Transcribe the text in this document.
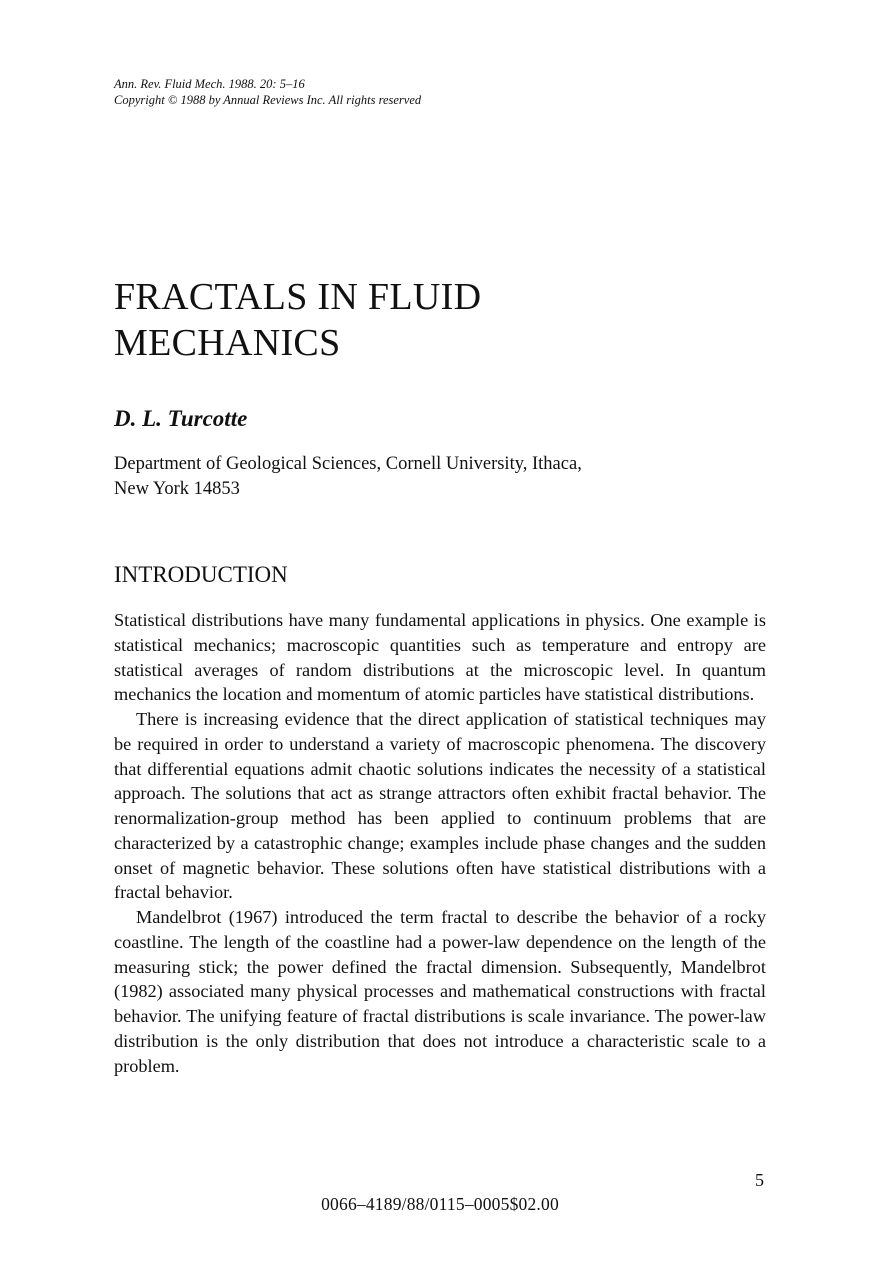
Ann. Rev. Fluid Mech. 1988. 20: 5–16
Copyright © 1988 by Annual Reviews Inc. All rights reserved
FRACTALS IN FLUID
MECHANICS
D. L. Turcotte
Department of Geological Sciences, Cornell University, Ithaca,
New York 14853
INTRODUCTION

Statistical distributions have many fundamental applications in physics. One example is statistical mechanics; macroscopic quantities such as temperature and entropy are statistical averages of random distributions at the microscopic level. In quantum mechanics the location and momentum of atomic particles have statistical distributions.

There is increasing evidence that the direct application of statistical techniques may be required in order to understand a variety of macroscopic phenomena. The discovery that differential equations admit chaotic solutions indicates the necessity of a statistical approach. The solutions that act as strange attractors often exhibit fractal behavior. The renormalization-group method has been applied to continuum problems that are characterized by a catastrophic change; examples include phase changes and the sudden onset of magnetic behavior. These solutions often have statistical distributions with a fractal behavior.

Mandelbrot (1967) introduced the term fractal to describe the behavior of a rocky coastline. The length of the coastline had a power-law dependence on the length of the measuring stick; the power defined the fractal dimension. Subsequently, Mandelbrot (1982) associated many physical processes and mathematical constructions with fractal behavior. The unifying feature of fractal distributions is scale invariance. The power-law distribution is the only distribution that does not introduce a characteristic scale to a problem.

5
0066–4189/88/0115–0005$02.00
